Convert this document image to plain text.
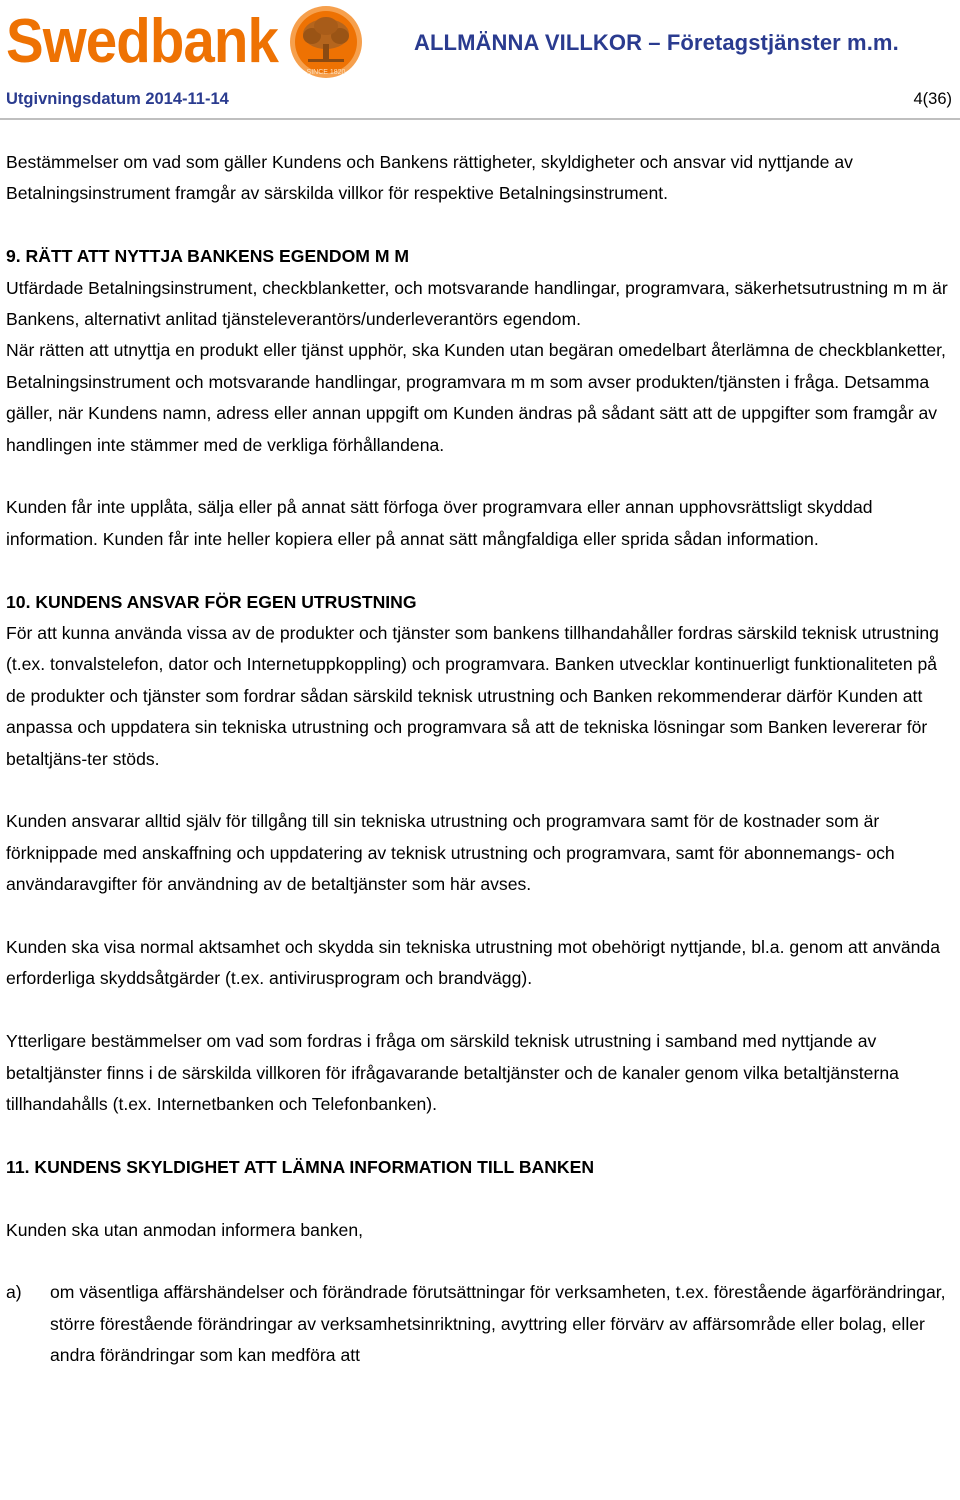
Swedbank	SINCE 1820
ALLMÄNNA VILLKOR – Företagstjänster m.m.
Utgivningsdatum 2014-11-14	4(36)

Bestämmelser om vad som gäller Kundens och Bankens rättigheter, skyldigheter och ansvar vid nyttjande av Betalningsinstrument framgår av särskilda villkor för respektive Betalningsinstrument.

9. RÄTT ATT NYTTJA BANKENS EGENDOM M M

Utfärdade Betalningsinstrument, checkblanketter, och motsvarande handlingar, programvara, säkerhetsutrustning m m är Bankens, alternativt anlitad tjänsteleverantörs/underleverantörs egendom.

När rätten att utnyttja en produkt eller tjänst upphör, ska Kunden utan begäran omedelbart återlämna de checkblanketter, Betalningsinstrument och motsvarande handlingar, programvara m m som avser produkten/tjänsten i fråga. Detsamma gäller, när Kundens namn, adress eller annan uppgift om Kunden ändras på sådant sätt att de uppgifter som framgår av handlingen inte stämmer med de verkliga förhållandena.

Kunden får inte upplåta, sälja eller på annat sätt förfoga över programvara eller annan upphovsrättsligt skyddad information. Kunden får inte heller kopiera eller på annat sätt mångfaldiga eller sprida sådan information.

10. KUNDENS ANSVAR FÖR EGEN UTRUSTNING

För att kunna använda vissa av de produkter och tjänster som bankens tillhandahåller fordras särskild teknisk utrustning (t.ex. tonvalstelefon, dator och Internetuppkoppling) och programvara. Banken utvecklar kontinuerligt funktionaliteten på de produkter och tjänster som fordrar sådan särskild teknisk utrustning och Banken rekommenderar därför Kunden att anpassa och uppdatera sin tekniska utrustning och programvara så att de tekniska lösningar som Banken levererar för betaltjäns-ter stöds.

Kunden ansvarar alltid själv för tillgång till sin tekniska utrustning och programvara samt för de kostnader som är förknippade med anskaffning och uppdatering av teknisk utrustning och programvara, samt för abonnemangs- och användaravgifter för användning av de betaltjänster som här avses.

Kunden ska visa normal aktsamhet och skydda sin tekniska utrustning mot obehörigt nyttjande, bl.a. genom att använda erforderliga skyddsåtgärder (t.ex. antivirusprogram och brandvägg).

Ytterligare bestämmelser om vad som fordras i fråga om särskild teknisk utrustning i samband med nyttjande av betaltjänster finns i de särskilda villkoren för ifrågavarande betaltjänster och de kanaler genom vilka betaltjänsterna tillhandahålls (t.ex. Internetbanken och Telefonbanken).

11. KUNDENS SKYLDIGHET ATT LÄMNA INFORMATION TILL BANKEN

Kunden ska utan anmodan informera banken,

a)	om väsentliga affärshändelser och förändrade förutsättningar för verksamheten, t.ex. förestående ägarförändringar, större förestående förändringar av verksamhetsinriktning, avyttring eller förvärv av affärsområde eller bolag, eller andra förändringar som kan medföra att
